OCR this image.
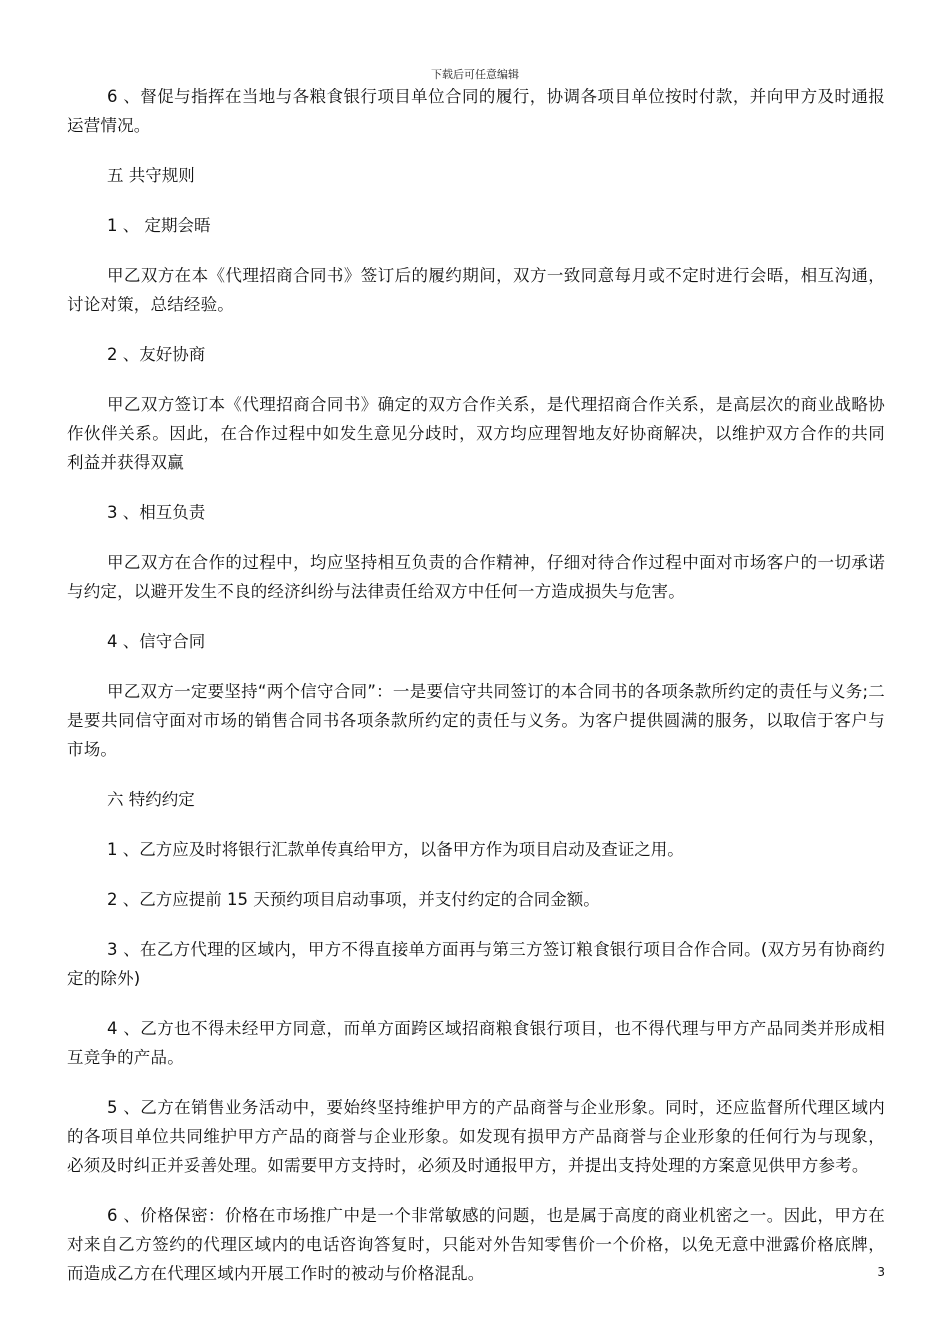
下载后可任意编辑

6 、督促与指挥在当地与各粮食银行项目单位合同的履行，协调各项目单位按时付款，并向甲方及时通报运营情况。

五 共守规则

1 、 定期会晤

甲乙双方在本《代理招商合同书》签订后的履约期间，双方一致同意每月或不定时进行会晤，相互沟通，讨论对策，总结经验。

2 、友好协商

甲乙双方签订本《代理招商合同书》确定的双方合作关系，是代理招商合作关系，是高层次的商业战略协作伙伴关系。因此，在合作过程中如发生意见分歧时，双方均应理智地友好协商解决，以维护双方合作的共同利益并获得双赢

3 、相互负责

甲乙双方在合作的过程中，均应坚持相互负责的合作精神，仔细对待合作过程中面对市场客户的一切承诺与约定，以避开发生不良的经济纠纷与法律责任给双方中任何一方造成损失与危害。

4 、信守合同

甲乙双方一定要坚持“两个信守合同”：一是要信守共同签订的本合同书的各项条款所约定的责任与义务;二是要共同信守面对市场的销售合同书各项条款所约定的责任与义务。为客户提供圆满的服务，以取信于客户与市场。

六 特约约定

1 、乙方应及时将银行汇款单传真给甲方，以备甲方作为项目启动及查证之用。

2 、乙方应提前 15 天预约项目启动事项，并支付约定的合同金额。

3 、在乙方代理的区域内，甲方不得直接单方面再与第三方签订粮食银行项目合作合同。(双方另有协商约定的除外)

4 、乙方也不得未经甲方同意，而单方面跨区域招商粮食银行项目，也不得代理与甲方产品同类并形成相互竞争的产品。

5 、乙方在销售业务活动中，要始终坚持维护甲方的产品商誉与企业形象。同时，还应监督所代理区域内的各项目单位共同维护甲方产品的商誉与企业形象。如发现有损甲方产品商誉与企业形象的任何行为与现象，必须及时纠正并妥善处理。如需要甲方支持时，必须及时通报甲方，并提出支持处理的方案意见供甲方参考。

6 、价格保密：价格在市场推广中是一个非常敏感的问题，也是属于高度的商业机密之一。因此，甲方在对来自乙方签约的代理区域内的电话咨询答复时，只能对外告知零售价一个价格，以免无意中泄露价格底牌，而造成乙方在代理区域内开展工作时的被动与价格混乱。	3
